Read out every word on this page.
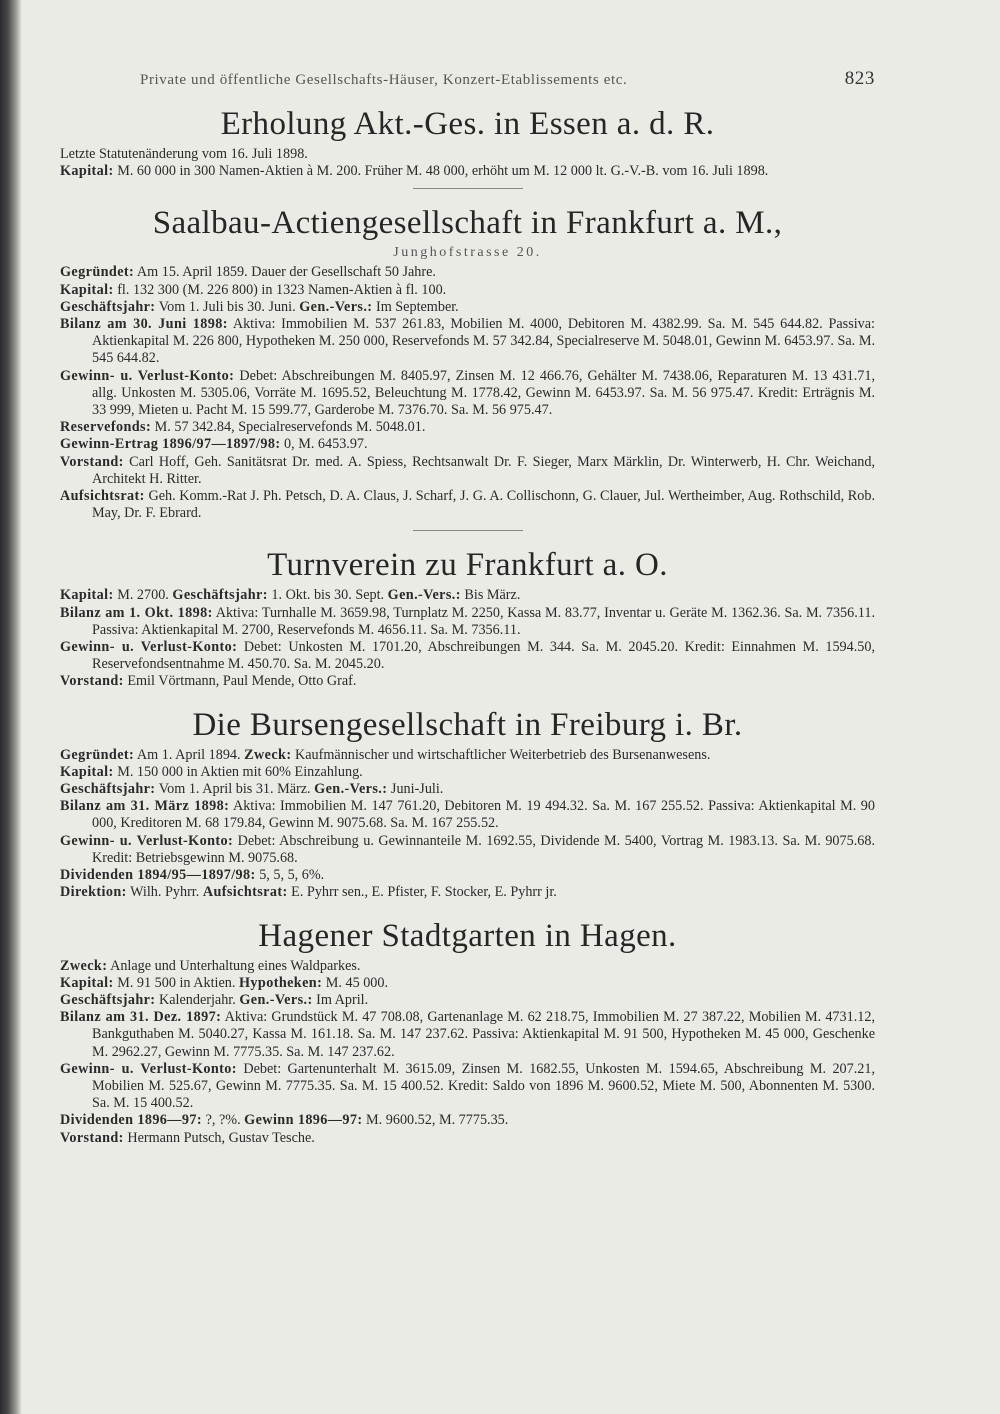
Private und öffentliche Gesellschafts-Häuser, Konzert-Etablissements etc.	823
Erholung Akt.-Ges. in Essen a. d. R.

Letzte Statutenänderung vom 16. Juli 1898.

Kapital: M. 60 000 in 300 Namen-Aktien à M. 200. Früher M. 48 000, erhöht um M. 12 000 lt. G.-V.-B. vom 16. Juli 1898.

Saalbau-Actiengesellschaft in Frankfurt a. M.,
Junghofstrasse 20.

Gegründet: Am 15. April 1859. Dauer der Gesellschaft 50 Jahre.

Kapital: fl. 132 300 (M. 226 800) in 1323 Namen-Aktien à fl. 100.

Geschäftsjahr: Vom 1. Juli bis 30. Juni. Gen.-Vers.: Im September.

Bilanz am 30. Juni 1898: Aktiva: Immobilien M. 537 261.83, Mobilien M. 4000, Debitoren M. 4382.99. Sa. M. 545 644.82. Passiva: Aktienkapital M. 226 800, Hypotheken M. 250 000, Reservefonds M. 57 342.84, Specialreserve M. 5048.01, Gewinn M. 6453.97. Sa. M. 545 644.82.

Gewinn- u. Verlust-Konto: Debet: Abschreibungen M. 8405.97, Zinsen M. 12 466.76, Gehälter M. 7438.06, Reparaturen M. 13 431.71, allg. Unkosten M. 5305.06, Vorräte M. 1695.52, Beleuchtung M. 1778.42, Gewinn M. 6453.97. Sa. M. 56 975.47. Kredit: Erträgnis M. 33 999, Mieten u. Pacht M. 15 599.77, Garderobe M. 7376.70. Sa. M. 56 975.47.

Reservefonds: M. 57 342.84, Specialreservefonds M. 5048.01.

Gewinn-Ertrag 1896/97—1897/98: 0, M. 6453.97.

Vorstand: Carl Hoff, Geh. Sanitätsrat Dr. med. A. Spiess, Rechtsanwalt Dr. F. Sieger, Marx Märklin, Dr. Winterwerb, H. Chr. Weichand, Architekt H. Ritter.

Aufsichtsrat: Geh. Komm.-Rat J. Ph. Petsch, D. A. Claus, J. Scharf, J. G. A. Collischonn, G. Clauer, Jul. Wertheimber, Aug. Rothschild, Rob. May, Dr. F. Ebrard.

Turnverein zu Frankfurt a. O.

Kapital: M. 2700. Geschäftsjahr: 1. Okt. bis 30. Sept. Gen.-Vers.: Bis März.

Bilanz am 1. Okt. 1898: Aktiva: Turnhalle M. 3659.98, Turnplatz M. 2250, Kassa M. 83.77, Inventar u. Geräte M. 1362.36. Sa. M. 7356.11. Passiva: Aktienkapital M. 2700, Reservefonds M. 4656.11. Sa. M. 7356.11.

Gewinn- u. Verlust-Konto: Debet: Unkosten M. 1701.20, Abschreibungen M. 344. Sa. M. 2045.20. Kredit: Einnahmen M. 1594.50, Reservefondsentnahme M. 450.70. Sa. M. 2045.20.

Vorstand: Emil Vörtmann, Paul Mende, Otto Graf.

Die Bursengesellschaft in Freiburg i. Br.

Gegründet: Am 1. April 1894. Zweck: Kaufmännischer und wirtschaftlicher Weiterbetrieb des Bursenanwesens.

Kapital: M. 150 000 in Aktien mit 60% Einzahlung.

Geschäftsjahr: Vom 1. April bis 31. März. Gen.-Vers.: Juni-Juli.

Bilanz am 31. März 1898: Aktiva: Immobilien M. 147 761.20, Debitoren M. 19 494.32. Sa. M. 167 255.52. Passiva: Aktienkapital M. 90 000, Kreditoren M. 68 179.84, Gewinn M. 9075.68. Sa. M. 167 255.52.

Gewinn- u. Verlust-Konto: Debet: Abschreibung u. Gewinnanteile M. 1692.55, Dividende M. 5400, Vortrag M. 1983.13. Sa. M. 9075.68. Kredit: Betriebsgewinn M. 9075.68.

Dividenden 1894/95—1897/98: 5, 5, 5, 6%.

Direktion: Wilh. Pyhrr. Aufsichtsrat: E. Pyhrr sen., E. Pfister, F. Stocker, E. Pyhrr jr.

Hagener Stadtgarten in Hagen.

Zweck: Anlage und Unterhaltung eines Waldparkes.

Kapital: M. 91 500 in Aktien. Hypotheken: M. 45 000.

Geschäftsjahr: Kalenderjahr. Gen.-Vers.: Im April.

Bilanz am 31. Dez. 1897: Aktiva: Grundstück M. 47 708.08, Gartenanlage M. 62 218.75, Immobilien M. 27 387.22, Mobilien M. 4731.12, Bankguthaben M. 5040.27, Kassa M. 161.18. Sa. M. 147 237.62. Passiva: Aktienkapital M. 91 500, Hypotheken M. 45 000, Geschenke M. 2962.27, Gewinn M. 7775.35. Sa. M. 147 237.62.

Gewinn- u. Verlust-Konto: Debet: Gartenunterhalt M. 3615.09, Zinsen M. 1682.55, Unkosten M. 1594.65, Abschreibung M. 207.21, Mobilien M. 525.67, Gewinn M. 7775.35. Sa. M. 15 400.52. Kredit: Saldo von 1896 M. 9600.52, Miete M. 500, Abonnenten M. 5300. Sa. M. 15 400.52.

Dividenden 1896—97: ?, ?%. Gewinn 1896—97: M. 9600.52, M. 7775.35.

Vorstand: Hermann Putsch, Gustav Tesche.
